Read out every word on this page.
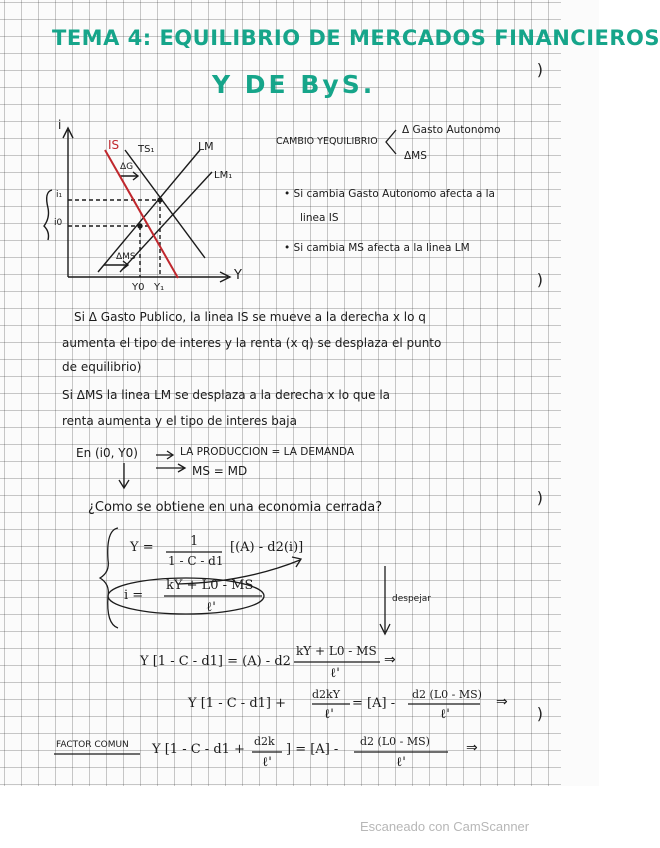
TEMA 4: EQUILIBRIO DE MERCADOS FINANCIEROS
Y DE ByS.
i
Y
IS TS₁	LM
LM₁
ΔG
ΔMS
i₁
i0
Y0 Y₁
CAMBIO YEQUILIBRIO
Δ Gasto Autonomo
ΔMS
• Si cambia Gasto Autonomo afecta a la
linea IS
• Si cambia MS afecta a la linea LM
Si Δ Gasto Publico, la linea IS se mueve a la derecha x lo q
aumenta el tipo de interes y la renta (x q) se desplaza el punto
de equilibrio)
Si ΔMS la linea LM se desplaza a la derecha x lo que la
renta aumenta y el tipo de interes baja
En (i0, Y0)	LA PRODUCCION = LA DEMANDA
MS = MD
¿Como se obtiene en una economia cerrada?
Y =	1
1 - C - d1
[(A) - d2(i)]
i =
kY + L0 - MS
ℓ'
despejar
Y [1 - C - d1] = (A) - d2
kY + L0 - MS
ℓ'
⇒
Y [1 - C - d1] +
d2kY
ℓ'
= [A] -
d2 (L0 - MS)
ℓ'
⇒
FACTOR COMUN Y [1 - C - d1 +
d2k
ℓ'
] = [A] -
d2 (L0 - MS)
ℓ'
⇒
)
)
)
)
Escaneado con CamScanner
